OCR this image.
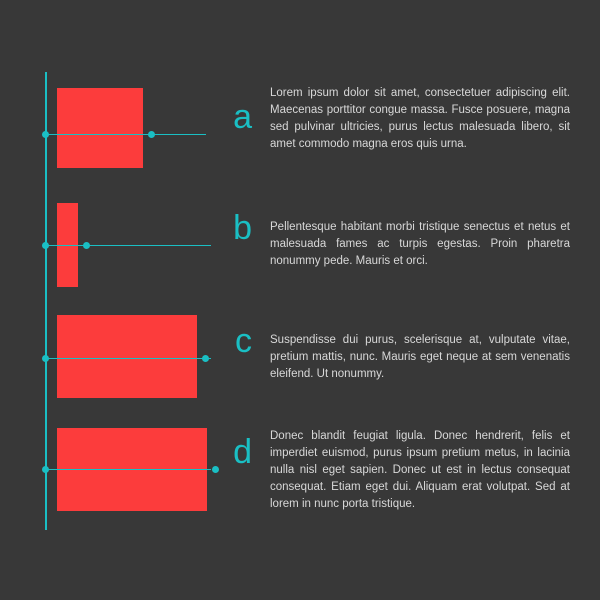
a
Lorem ipsum dolor sit amet, consectetuer adipiscing elit. Maecenas porttitor congue massa. Fusce posuere, magna sed pulvinar ultricies, purus lectus malesuada libero, sit amet commodo magna eros quis urna.
b Pellentesque habitant morbi tristique senectus et netus et malesuada fames ac turpis egestas. Proin pharetra nonummy pede. Mauris et orci.
c Suspendisse dui purus, scelerisque at, vulputate vitae, pretium mattis, nunc. Mauris eget neque at sem venenatis eleifend. Ut nonummy.
d Donec blandit feugiat ligula. Donec hendrerit, felis et imperdiet euismod, purus ipsum pretium metus, in lacinia nulla nisl eget sapien. Donec ut est in lectus consequat consequat. Etiam eget dui. Aliquam erat volutpat. Sed at lorem in nunc porta tristique.
